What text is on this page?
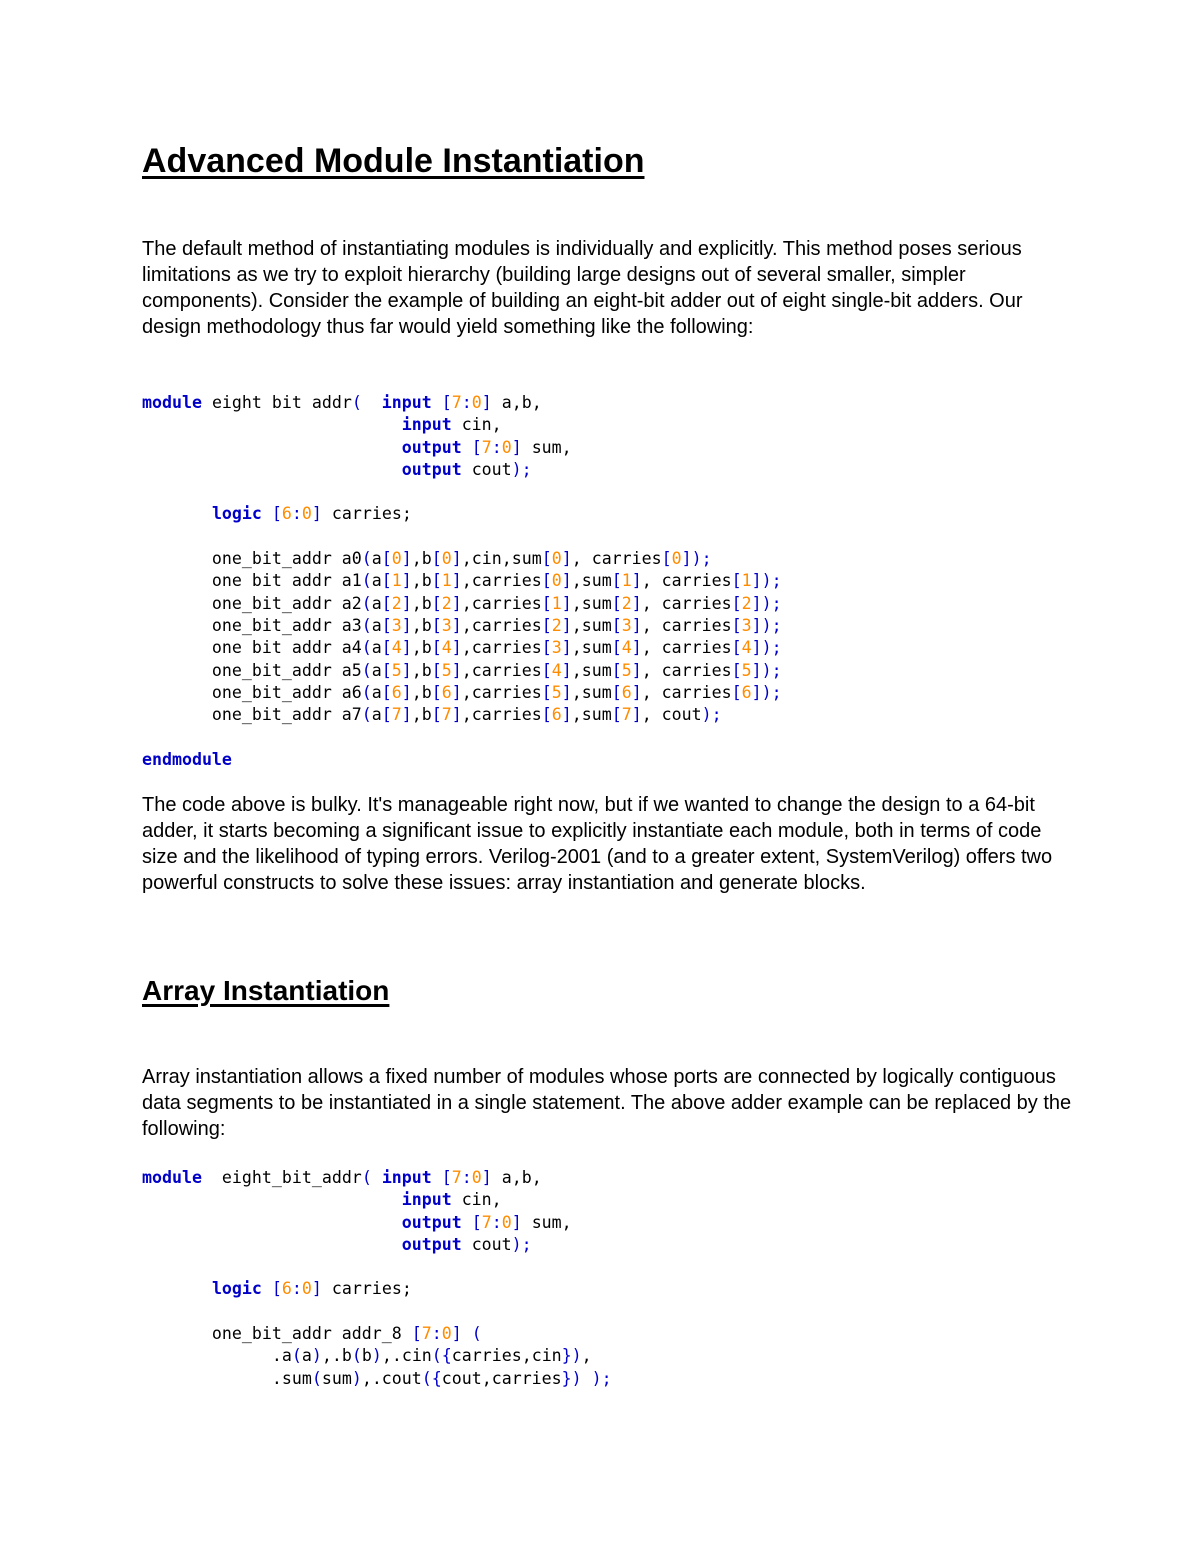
Advanced Module Instantiation

The default method of instantiating modules is individually and explicitly. This method poses serious limitations as we try to exploit hierarchy (building large designs out of several smaller, simpler components). Consider the example of building an eight-bit adder out of eight single-bit adders. Our design methodology thus far would yield something like the following:

module eight bit addr( input [7:0] a,b,
input cin,
output [7:0] sum,
output cout);
logic [6:0] carries;
one_bit_addr a0(a[0],b[0],cin,sum[0], carries[0]);
one bit addr a1(a[1],b[1],carries[0],sum[1], carries[1]);
one_bit_addr a2(a[2],b[2],carries[1],sum[2], carries[2]);
one_bit_addr a3(a[3],b[3],carries[2],sum[3], carries[3]);
one bit addr a4(a[4],b[4],carries[3],sum[4], carries[4]);
one_bit_addr a5(a[5],b[5],carries[4],sum[5], carries[5]);
one_bit_addr a6(a[6],b[6],carries[5],sum[6], carries[6]);
one_bit_addr a7(a[7],b[7],carries[6],sum[7], cout);
endmodule

The code above is bulky. It's manageable right now, but if we wanted to change the design to a 64-bit adder, it starts becoming a significant issue to explicitly instantiate each module, both in terms of code size and the likelihood of typing errors. Verilog-2001 (and to a greater extent, SystemVerilog) offers two powerful constructs to solve these issues: array instantiation and generate blocks.

Array Instantiation

Array instantiation allows a fixed number of modules whose ports are connected by logically contiguous data segments to be instantiated in a single statement. The above adder example can be replaced by the following:

module  eight_bit_addr( input [7:0] a,b,
input cin,
output [7:0] sum,
output cout);
logic [6:0] carries;
one_bit_addr addr_8 [7:0] (
.a(a),.b(b),.cin({carries,cin}),
.sum(sum),.cout({cout,carries}) );
